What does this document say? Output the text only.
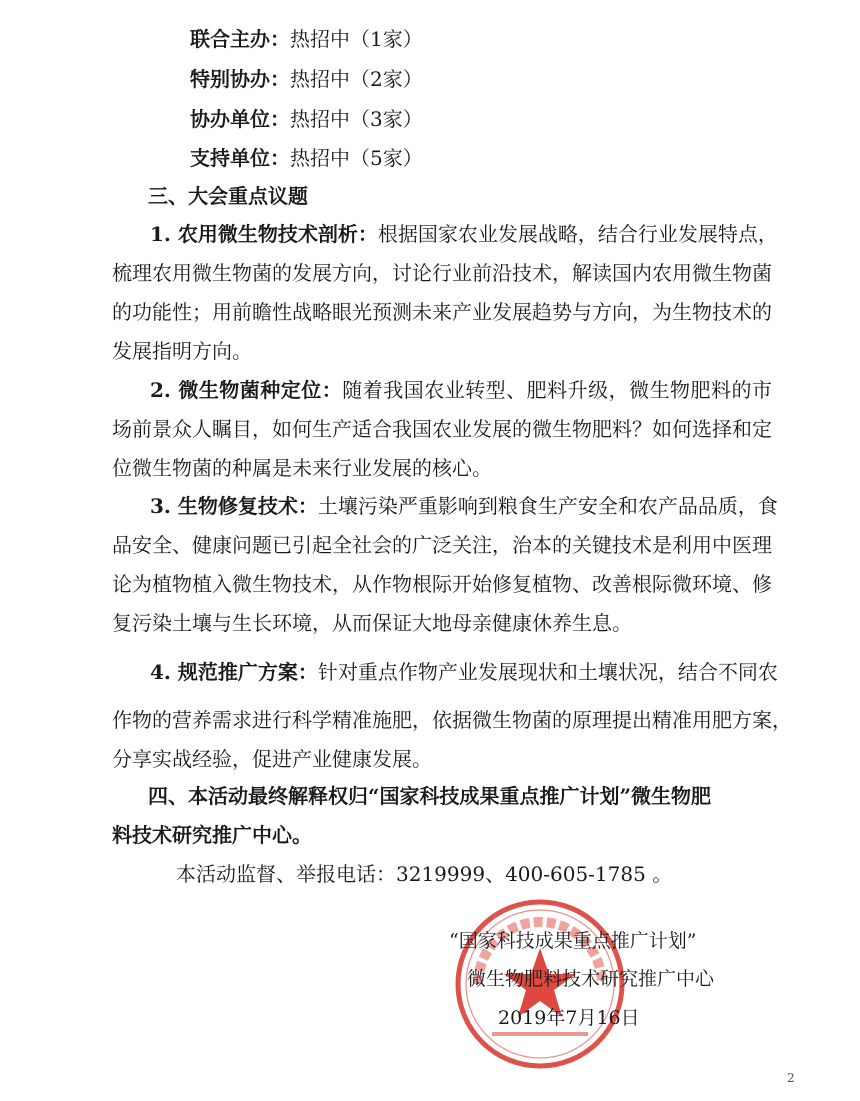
联合主办：热招中（1家）
特别协办：热招中（2家）
协办单位：热招中（3家）
支持单位：热招中（5家）
三、大会重点议题
1. 农用微生物技术剖析：根据国家农业发展战略，结合行业发展特点，
梳理农用微生物菌的发展方向，讨论行业前沿技术，解读国内农用微生物菌
的功能性；用前瞻性战略眼光预测未来产业发展趋势与方向，为生物技术的
发展指明方向。
2. 微生物菌种定位：随着我国农业转型、肥料升级，微生物肥料的市
场前景众人瞩目，如何生产适合我国农业发展的微生物肥料？如何选择和定
位微生物菌的种属是未来行业发展的核心。
3. 生物修复技术：土壤污染严重影响到粮食生产安全和农产品品质，食
品安全、健康问题已引起全社会的广泛关注，治本的关键技术是利用中医理
论为植物植入微生物技术，从作物根际开始修复植物、改善根际微环境、修
复污染土壤与生长环境，从而保证大地母亲健康休养生息。
4. 规范推广方案：针对重点作物产业发展现状和土壤状况，结合不同农
作物的营养需求进行科学精准施肥，依据微生物菌的原理提出精准用肥方案，
分享实战经验，促进产业健康发展。
四、本活动最终解释权归“国家科技成果重点推广计划”微生物肥
料技术研究推广中心。
本活动监督、举报电话：3219999、400-605-1785 。
“国家科技成果重点推广计划”
微生物肥料技术研究推广中心
2019年7月16日
2
